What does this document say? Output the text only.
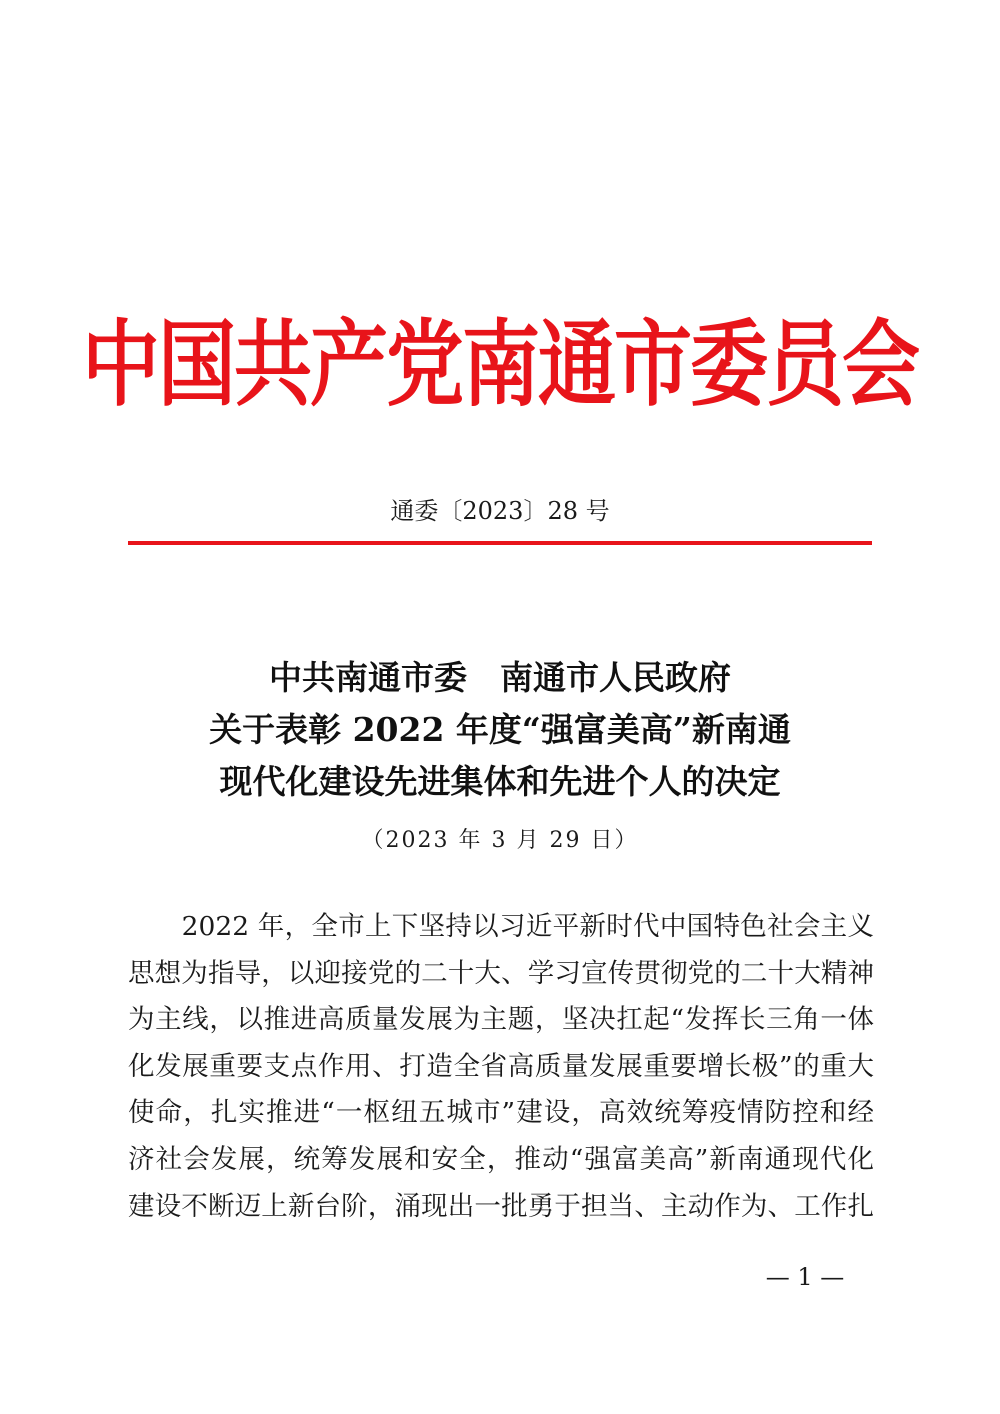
中国共产党南通市委员会
通委〔2023〕28 号
中共南通市委　南通市人民政府
关于表彰 2022 年度“强富美高”新南通
现代化建设先进集体和先进个人的决定
（2023 年 3 月 29 日）
　　2022 年，全市上下坚持以习近平新时代中国特色社会主义
思想为指导，以迎接党的二十大、学习宣传贯彻党的二十大精神
为主线，以推进高质量发展为主题，坚决扛起“发挥长三角一体
化发展重要支点作用、打造全省高质量发展重要增长极”的重大
使命，扎实推进“一枢纽五城市”建设，高效统筹疫情防控和经
济社会发展，统筹发展和安全，推动“强富美高”新南通现代化
建设不断迈上新台阶，涌现出一批勇于担当、主动作为、工作扎
— 1 —
